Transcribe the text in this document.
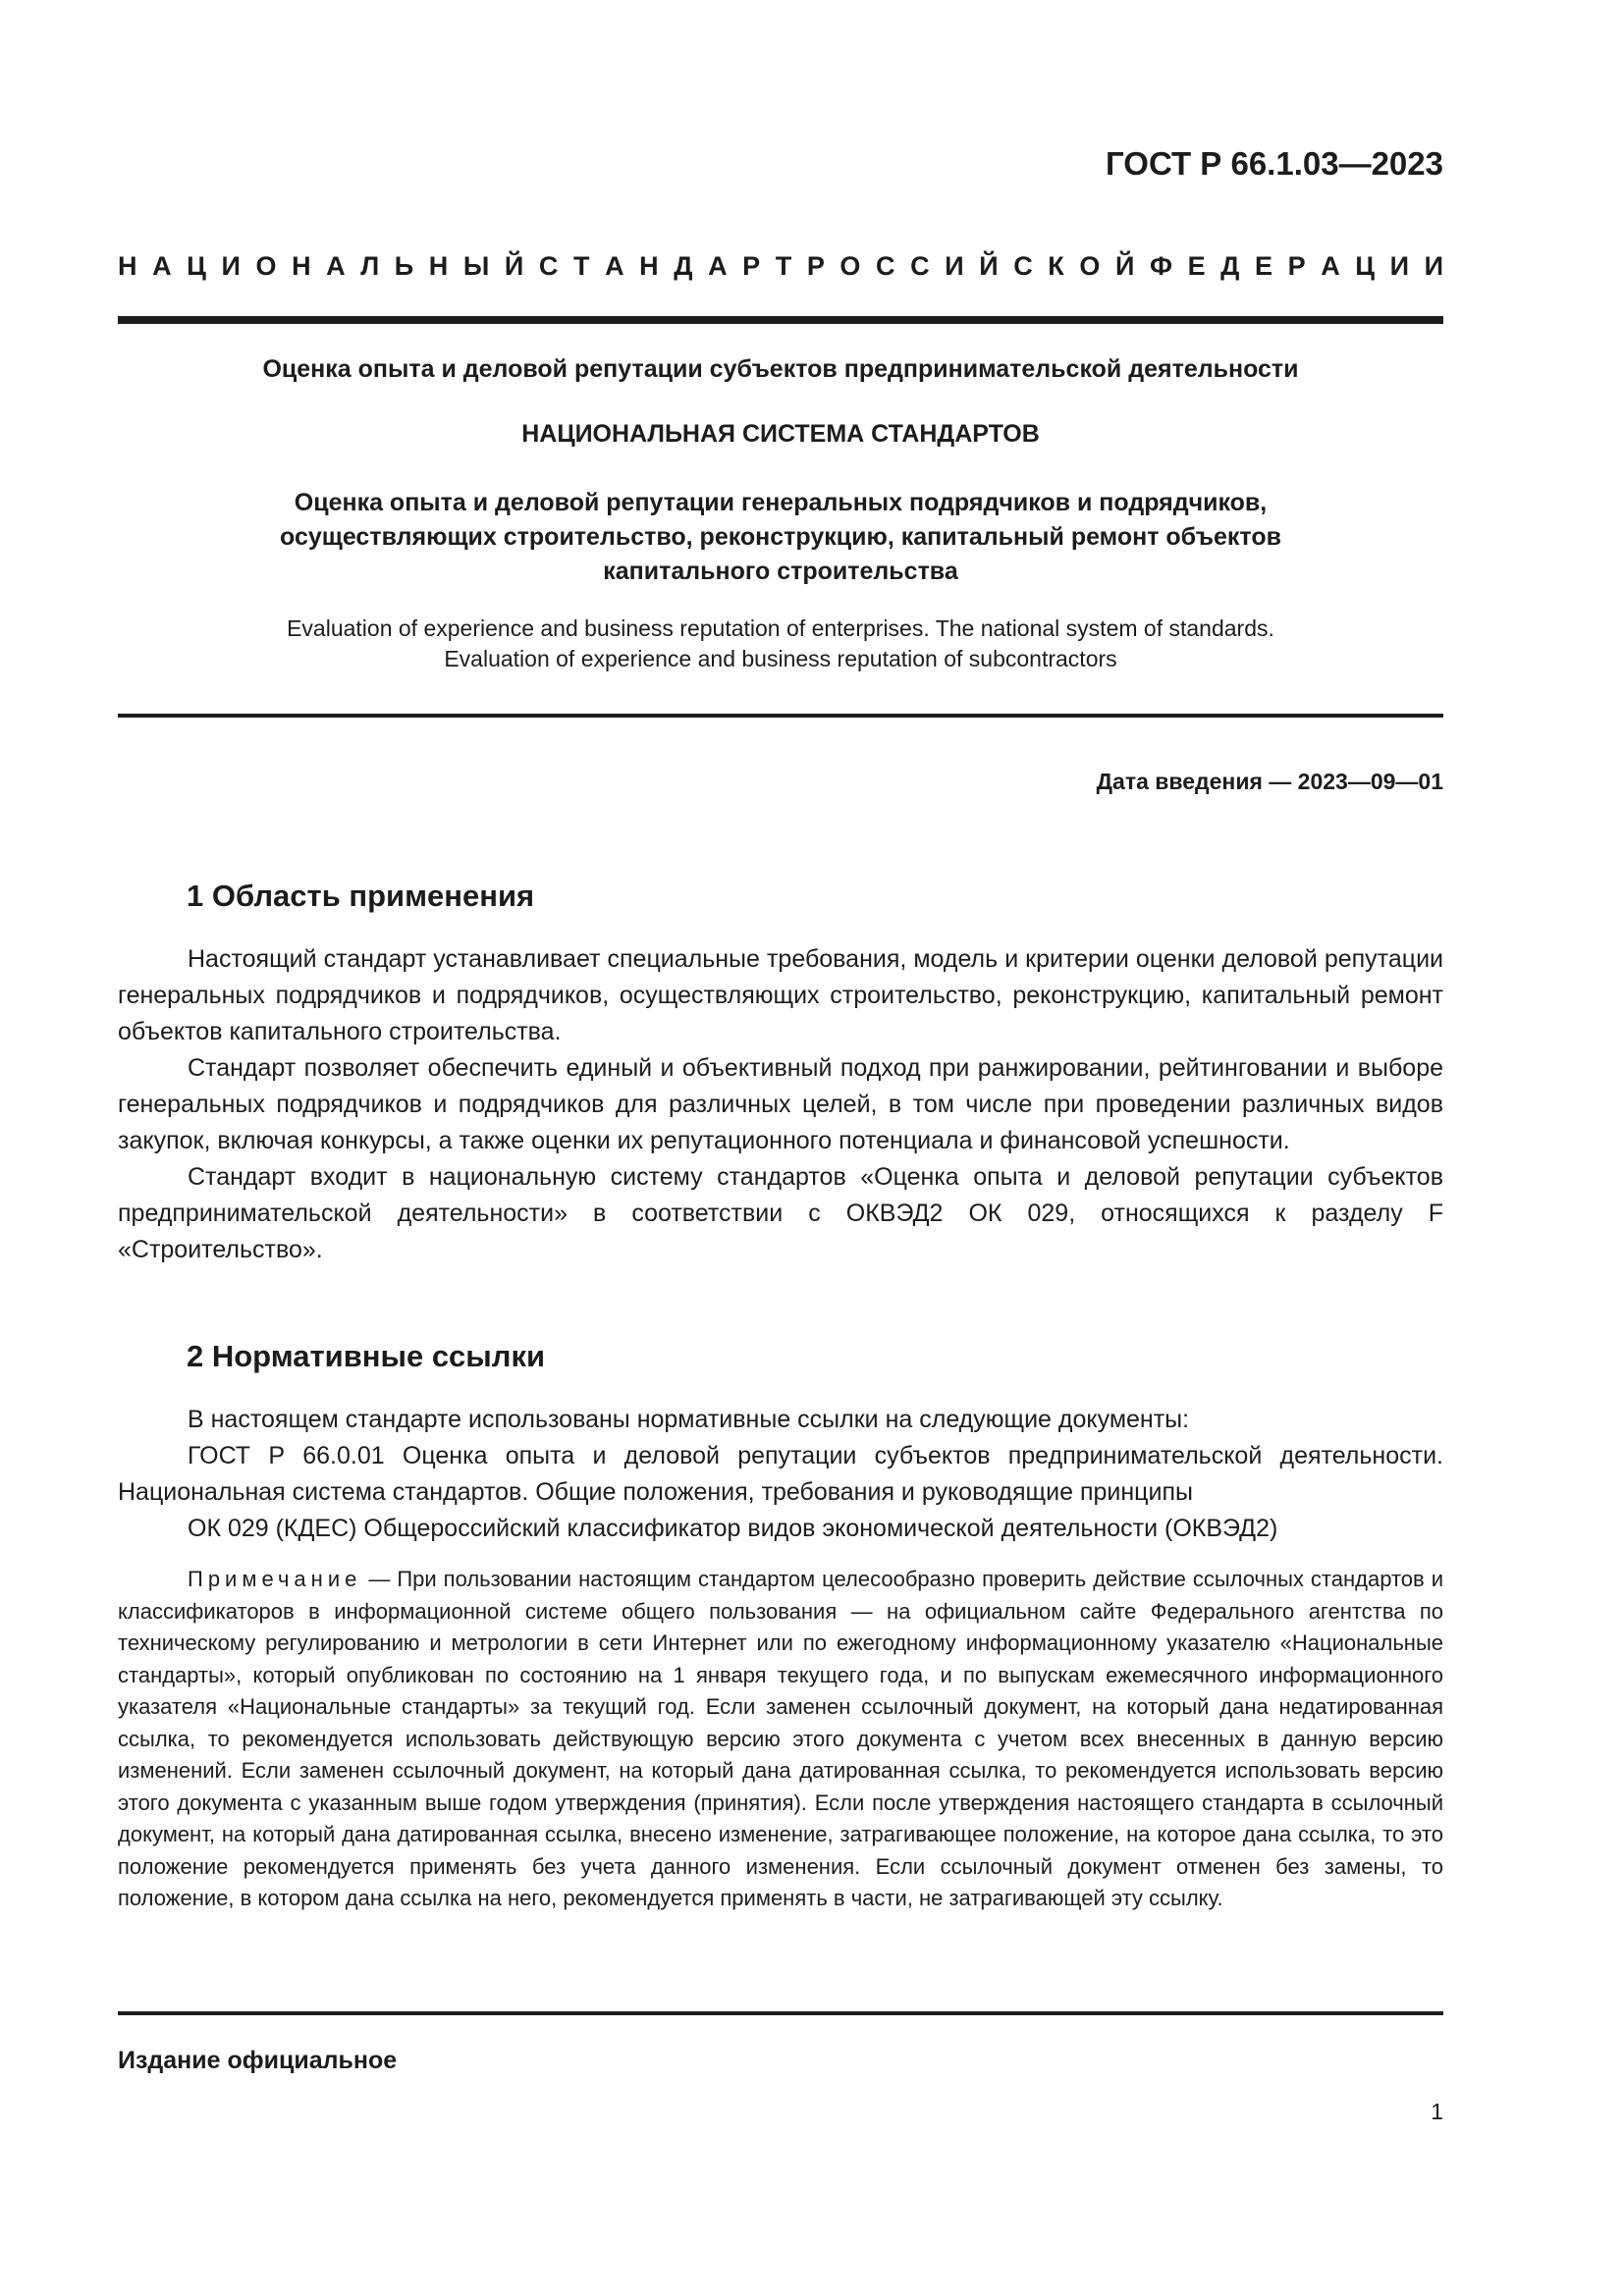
ГОСТ Р 66.1.03—2023
Н А Ц И О Н А Л Ь Н Ы Й С Т А Н Д А Р Т Р О С С И Й С К О Й Ф Е Д Е Р А Ц И И
Оценка опыта и деловой репутации субъектов предпринимательской деятельности
НАЦИОНАЛЬНАЯ СИСТЕМА СТАНДАРТОВ
Оценка опыта и деловой репутации генеральных подрядчиков и подрядчиков,
осуществляющих строительство, реконструкцию, капитальный ремонт объектов
капитального строительства
Evaluation of experience and business reputation of enterprises. The national system of standards.
Evaluation of experience and business reputation of subcontractors
Дата введения — 2023—09—01
1 Область применения

Настоящий стандарт устанавливает специальные требования, модель и критерии оценки деловой репутации генеральных подрядчиков и подрядчиков, осуществляющих строительство, реконструкцию, капитальный ремонт объектов капитального строительства.

Стандарт позволяет обеспечить единый и объективный подход при ранжировании, рейтинговании и выборе генеральных подрядчиков и подрядчиков для различных целей, в том числе при проведении различных видов закупок, включая конкурсы, а также оценки их репутационного потенциала и финансовой успешности.

Стандарт входит в национальную систему стандартов «Оценка опыта и деловой репутации субъектов предпринимательской деятельности» в соответствии с ОКВЭД2 ОК 029, относящихся к разделу F «Строительство».

2 Нормативные ссылки

В настоящем стандарте использованы нормативные ссылки на следующие документы:

ГОСТ Р 66.0.01 Оценка опыта и деловой репутации субъектов предпринимательской деятельности. Национальная система стандартов. Общие положения, требования и руководящие принципы

ОК 029 (КДЕС) Общероссийский классификатор видов экономической деятельности (ОКВЭД2)

Примечание — При пользовании настоящим стандартом целесообразно проверить действие ссылочных стандартов и классификаторов в информационной системе общего пользования — на официальном сайте Федерального агентства по техническому регулированию и метрологии в сети Интернет или по ежегодному информационному указателю «Национальные стандарты», который опубликован по состоянию на 1 января текущего года, и по выпускам ежемесячного информационного указателя «Национальные стандарты» за текущий год. Если заменен ссылочный документ, на который дана недатированная ссылка, то рекомендуется использовать действующую версию этого документа с учетом всех внесенных в данную версию изменений. Если заменен ссылочный документ, на который дана датированная ссылка, то рекомендуется использовать версию этого документа с указанным выше годом утверждения (принятия). Если после утверждения настоящего стандарта в ссылочный документ, на который дана датированная ссылка, внесено изменение, затрагивающее положение, на которое дана ссылка, то это положение рекомендуется применять без учета данного изменения. Если ссылочный документ отменен без замены, то положение, в котором дана ссылка на него, рекомендуется применять в части, не затрагивающей эту ссылку.

Издание официальное
1
